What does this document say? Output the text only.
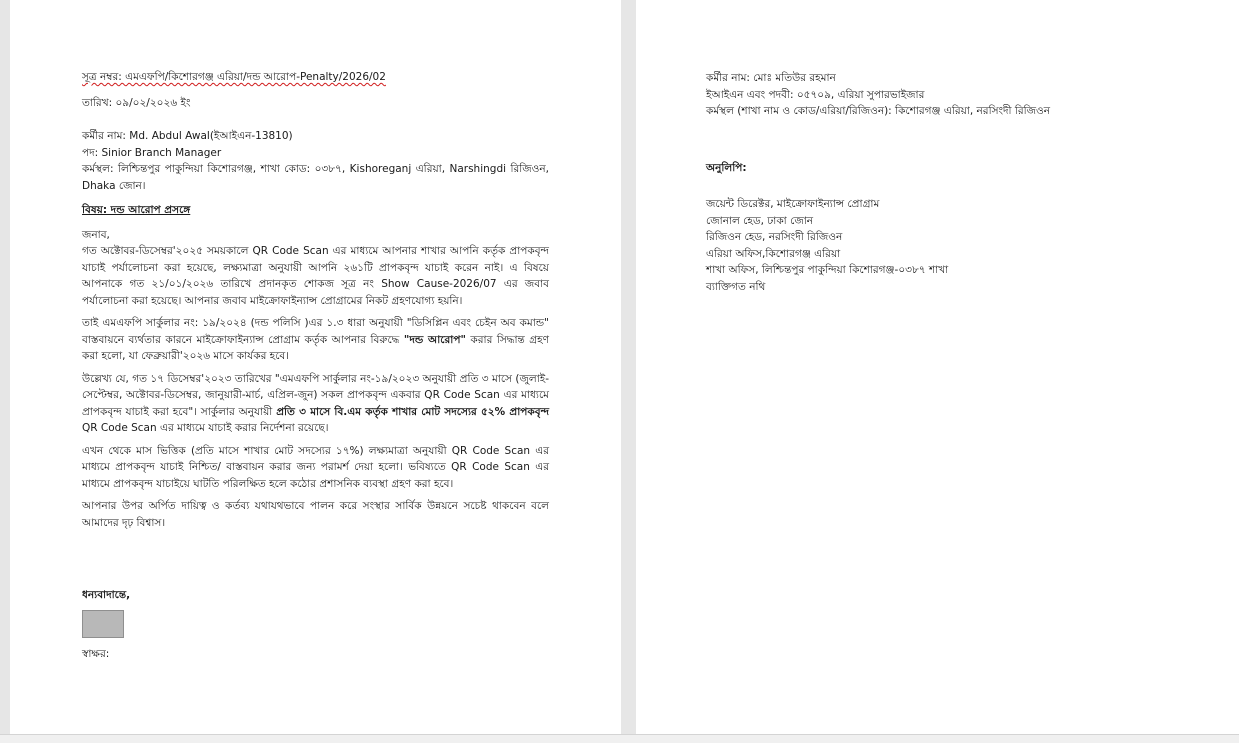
সূত্র নম্বর: এমএফপি/কিশোরগঞ্জ এরিয়া/দন্ড আরোপ-Penalty/2026/02
তারিখ: ০৯/০২/২০২৬ ইং
কর্মীর নাম: Md. Abdul Awal(ইআইএন-13810)
পদ: Sinior Branch Manager
কর্মস্থল: লিশ্চিন্তপুর পাকুন্দিয়া কিশোরগঞ্জ, শাখা কোড: ০৩৮৭, Kishoreganj এরিয়া, Narshingdi রিজিওন, Dhaka জোন।
বিষয়: দন্ড আরোপ প্রসঙ্গে
জনাব,
গত অক্টোবর-ডিসেম্বর'২০২৫ সময়কালে QR Code Scan এর মাধ্যমে আপনার শাখার আপনি কর্তৃক প্রাপকবৃন্দ যাচাই পর্যালোচনা করা হয়েছে, লক্ষ্যমাত্রা অনুযায়ী আপনি ২৬১টি প্রাপকবৃন্দ যাচাই করেন নাই। এ বিষয়ে আপনাকে গত ২১/০১/২০২৬ তারিখে প্রদানকৃত শোকজ সূত্র নং Show Cause-2026/07 এর জবাব পর্যালোচনা করা হয়েছে। আপনার জবাব মাইক্রোফাইন্যান্স প্রোগ্রামের নিকট গ্রহণযোগ্য হয়নি।
তাই এমএফপি সার্কুলার নং: ১৯/২০২৪ (দন্ড পলিসি )এর ১.৩ ধারা অনুযায়ী "ডিসিপ্লিন এবং চেইন অব কমান্ড" বাস্তবায়নে ব্যর্থতার কারনে মাইক্রোফাইন্যান্স প্রোগ্রাম কর্তৃক আপনার বিরুদ্ধে "দন্ড আরোপ" করার সিদ্ধান্ত গ্রহণ করা হলো, যা ফেব্রুয়ারী'২০২৬ মাসে কার্যকর হবে।
উল্লেখ্য যে, গত ১৭ ডিসেম্বর'২০২৩ তারিখের "এমএফপি সার্কুলার নং-১৯/২০২৩ অনুযায়ী প্রতি ৩ মাসে (জুলাই-সেপ্টেম্বর, অক্টোবর-ডিসেম্বর, জানুয়ারী-মার্চ, এপ্রিল-জুন) সকল প্রাপকবৃন্দ একবার QR Code Scan এর মাধ্যমে প্রাপকবৃন্দ যাচাই করা হবে"। সার্কুলার অনুযায়ী প্রতি ৩ মাসে বি.এম কর্তৃক শাখার মোট সদস্যের ৫২% প্রাপকবৃন্দ QR Code Scan এর মাধ্যমে যাচাই করার নির্দেশনা রয়েছে।
এখন থেকে মাস ভিত্তিক (প্রতি মাসে শাখার মোট সদস্যের ১৭%) লক্ষ্যমাত্রা অনুযায়ী QR Code Scan এর মাধ্যমে প্রাপকবৃন্দ যাচাই নিশ্চিত/ বাস্তবায়ন করার জন্য পরামর্শ দেয়া হলো। ভবিষ্যতে QR Code Scan এর মাধ্যমে প্রাপকবৃন্দ যাচাইয়ে ঘাটতি পরিলক্ষিত হলে কঠোর প্রশাসনিক ব্যবস্থা গ্রহণ করা হবে।
আপনার উপর অর্পিত দায়িত্ব ও কর্তব্য যথাযথভাবে পালন করে সংস্থার সার্বিক উন্নয়নে সচেষ্ট থাকবেন বলে আমাদের দৃঢ় বিশ্বাস।
ধন্যবাদান্তে,
স্বাক্ষর:
কর্মীর নাম: মোঃ মতিউর রহমান
ইআইএন এবং পদবী: ০৫৭০৯, এরিয়া সুপারভাইজার
কর্মস্থল (শাখা নাম ও কোড/এরিয়া/রিজিওন): কিশোরগঞ্জ এরিয়া, নরসিংদী রিজিওন
অনুলিপি:
জয়েন্ট ডিরেক্টর, মাইক্রোফাইন্যান্স প্রোগ্রাম
জোনাল হেড, ঢাকা জোন
রিজিওন হেড, নরসিংদী রিজিওন
এরিয়া অফিস,কিশোরগঞ্জ এরিয়া
শাখা অফিস, লিশ্চিন্তপুর পাকুন্দিয়া কিশোরগঞ্জ-০৩৮৭ শাখা
ব্যাক্তিগত নথি
